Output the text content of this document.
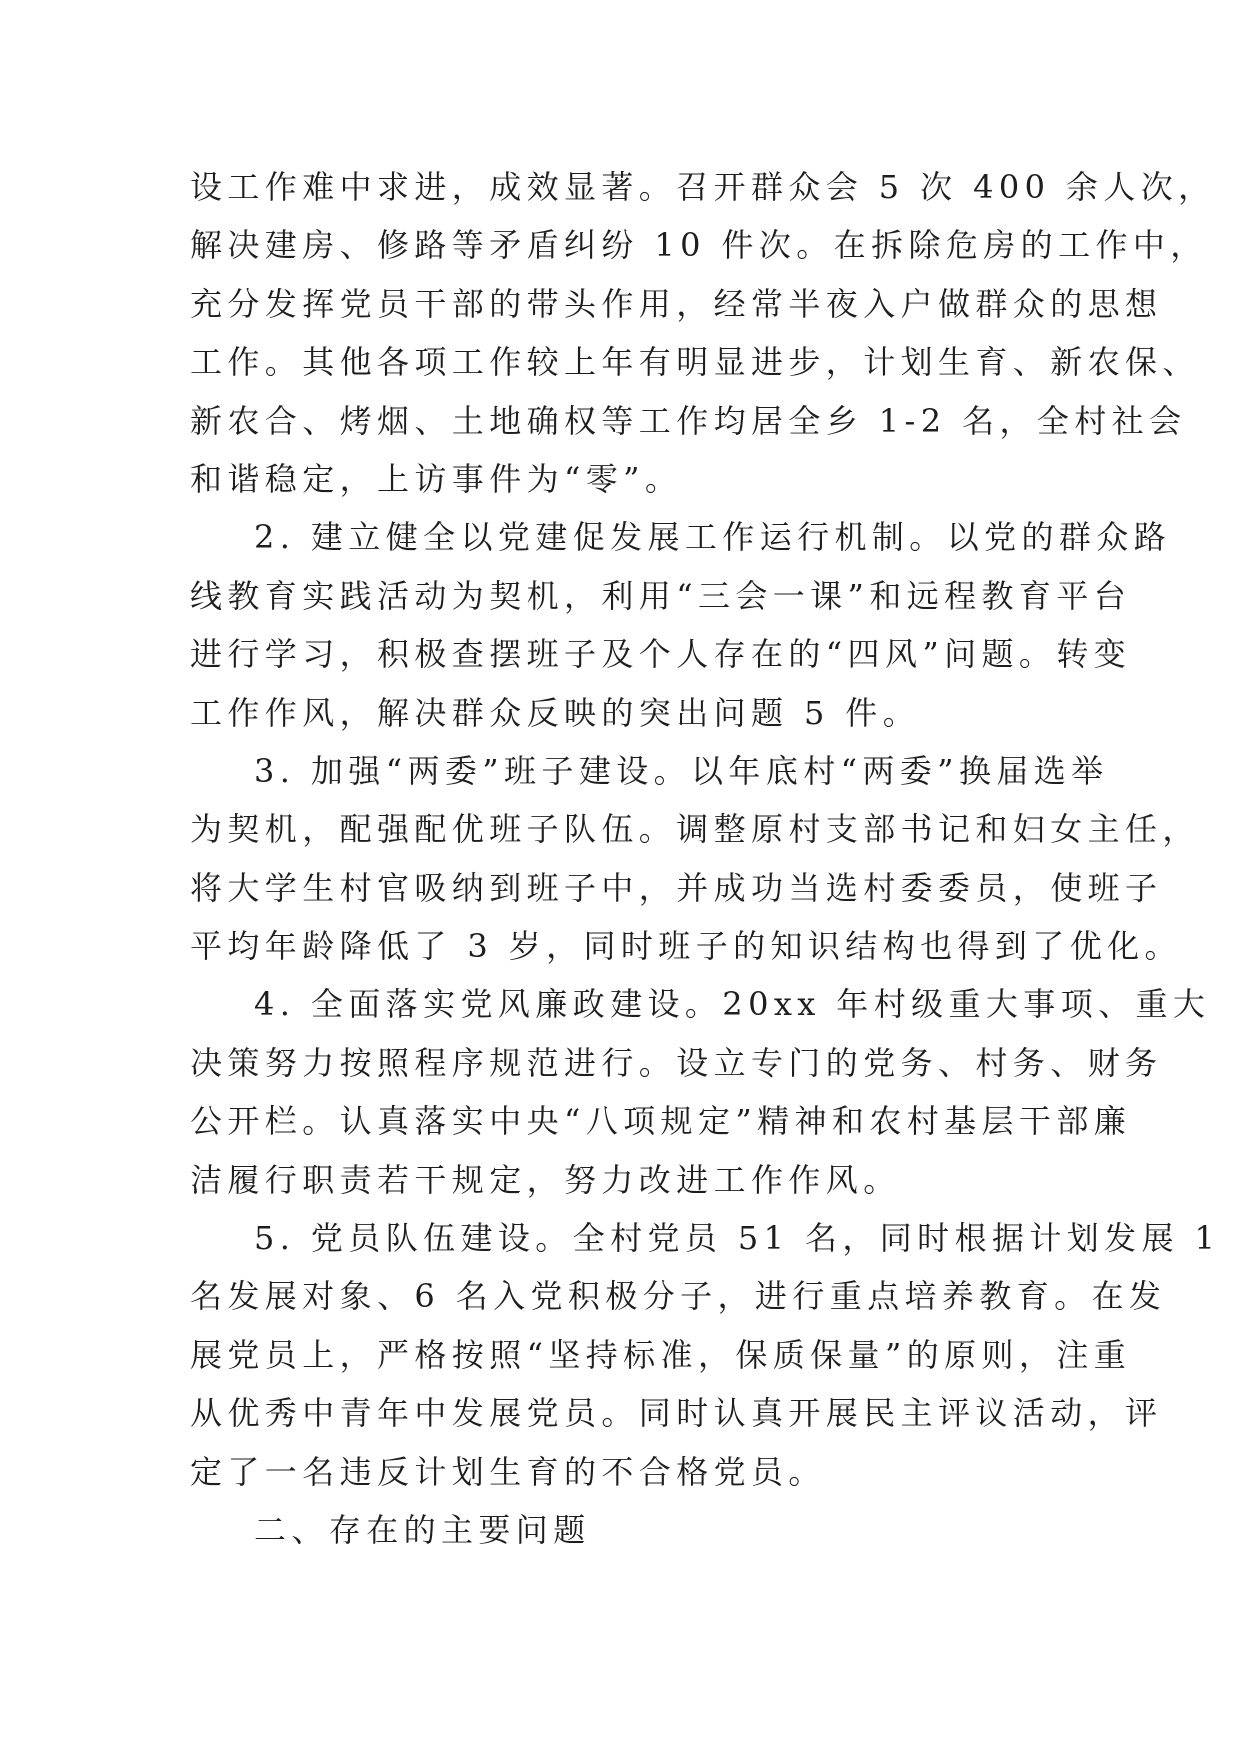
设工作难中求进，成效显著。召开群众会 5 次 400 余人次，
解决建房、修路等矛盾纠纷 10 件次。在拆除危房的工作中，
充分发挥党员干部的带头作用，经常半夜入户做群众的思想
工作。其他各项工作较上年有明显进步，计划生育、新农保、
新农合、烤烟、土地确权等工作均居全乡 1-2 名，全村社会
和谐稳定，上访事件为“零”。
2. 建立健全以党建促发展工作运行机制。以党的群众路
线教育实践活动为契机，利用“三会一课”和远程教育平台
进行学习，积极查摆班子及个人存在的“四风”问题。转变
工作作风，解决群众反映的突出问题 5 件。
3. 加强“两委”班子建设。以年底村“两委”换届选举
为契机，配强配优班子队伍。调整原村支部书记和妇女主任，
将大学生村官吸纳到班子中，并成功当选村委委员，使班子
平均年龄降低了 3 岁，同时班子的知识结构也得到了优化。
4. 全面落实党风廉政建设。20xx 年村级重大事项、重大
决策努力按照程序规范进行。设立专门的党务、村务、财务
公开栏。认真落实中央“八项规定”精神和农村基层干部廉
洁履行职责若干规定，努力改进工作作风。
5. 党员队伍建设。全村党员 51 名，同时根据计划发展 1
名发展对象、6 名入党积极分子，进行重点培养教育。在发
展党员上，严格按照“坚持标准，保质保量”的原则，注重
从优秀中青年中发展党员。同时认真开展民主评议活动，评
定了一名违反计划生育的不合格党员。
二、存在的主要问题
